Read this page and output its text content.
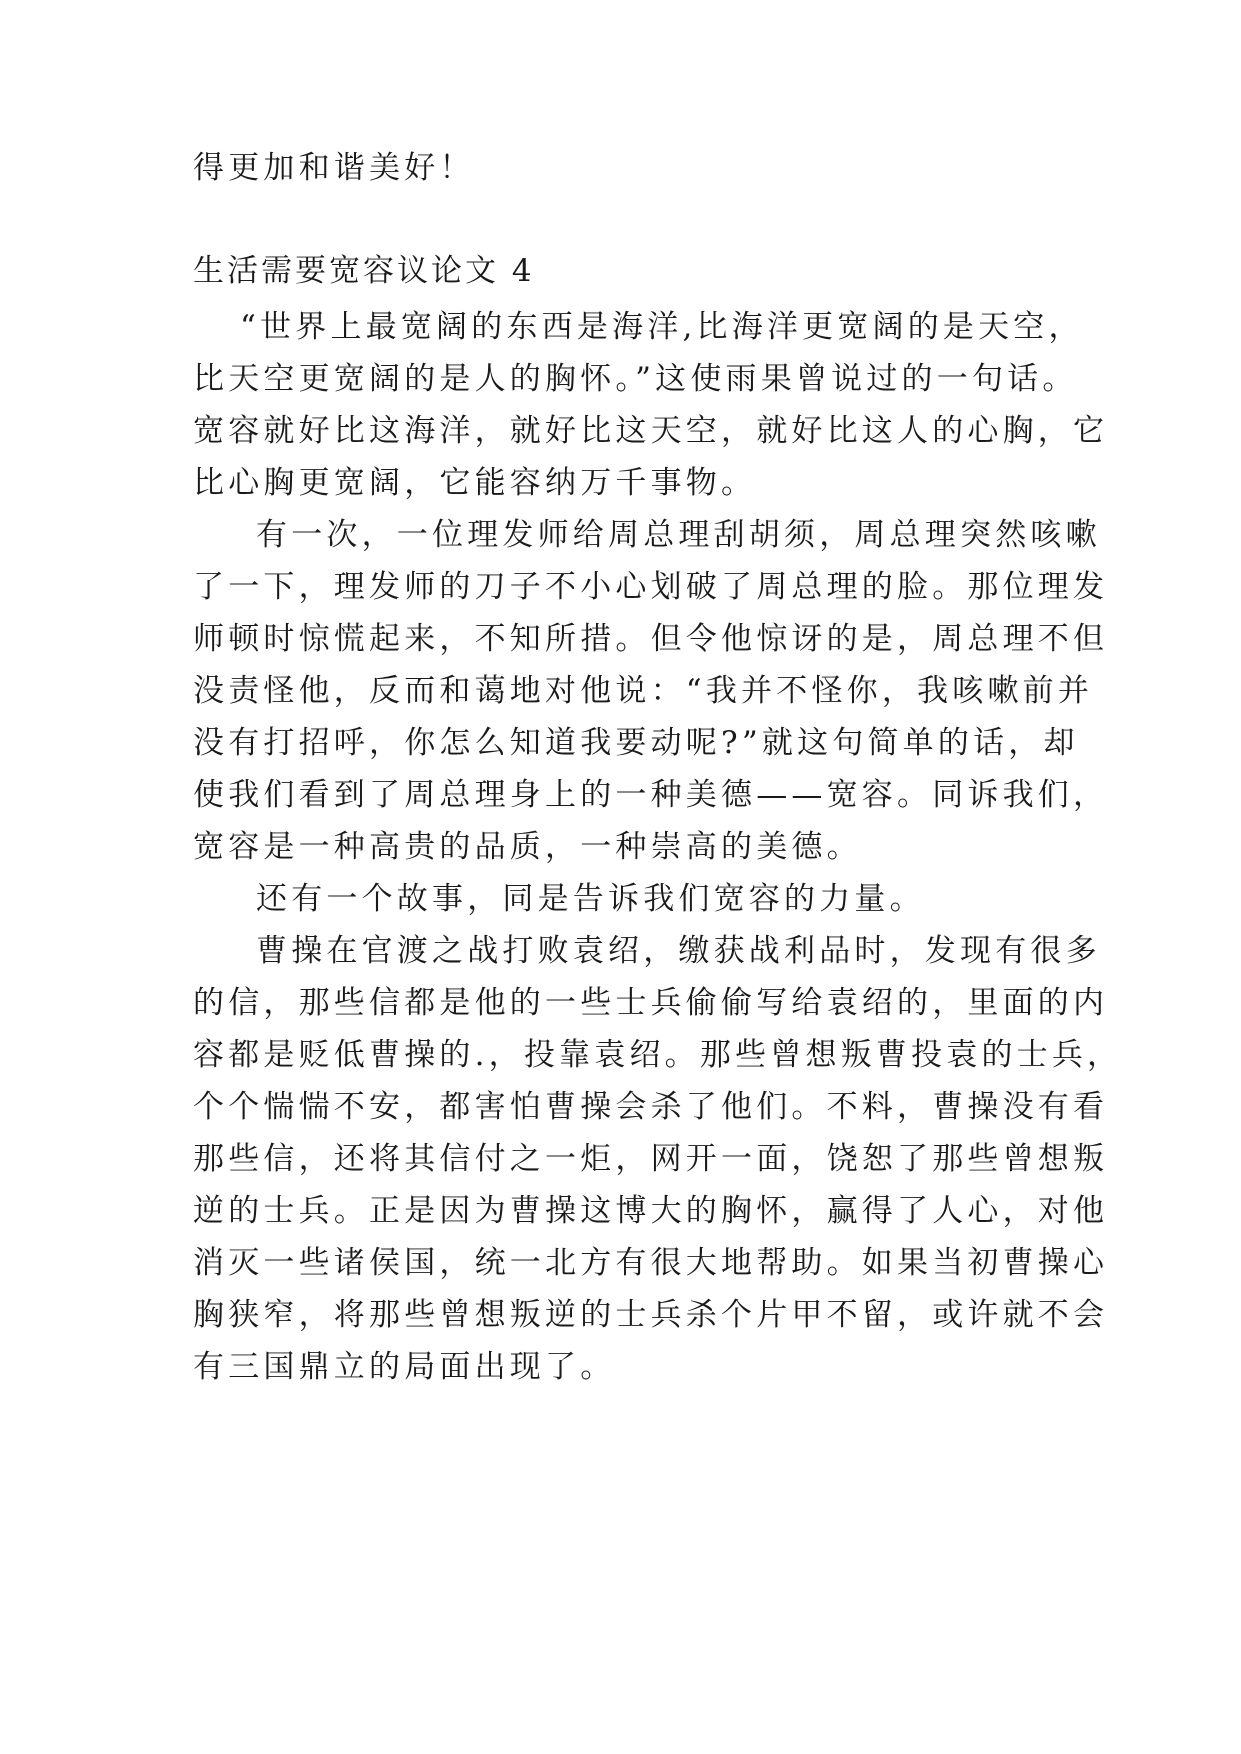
得更加和谐美好！
生活需要宽容议论文 4
“世界上最宽阔的东西是海洋,比海洋更宽阔的是天空，
比天空更宽阔的是人的胸怀。”这使雨果曾说过的一句话。
宽容就好比这海洋，就好比这天空，就好比这人的心胸，它
比心胸更宽阔，它能容纳万千事物。
有一次，一位理发师给周总理刮胡须，周总理突然咳嗽
了一下，理发师的刀子不小心划破了周总理的脸。那位理发
师顿时惊慌起来，不知所措。但令他惊讶的是，周总理不但
没责怪他，反而和蔼地对他说：“我并不怪你，我咳嗽前并
没有打招呼，你怎么知道我要动呢?”就这句简单的话，却
使我们看到了周总理身上的一种美德——宽容。同诉我们，
宽容是一种高贵的品质，一种崇高的美德。
还有一个故事，同是告诉我们宽容的力量。
曹操在官渡之战打败袁绍，缴获战利品时，发现有很多
的信，那些信都是他的一些士兵偷偷写给袁绍的，里面的内
容都是贬低曹操的.，投靠袁绍。那些曾想叛曹投袁的士兵，
个个惴惴不安，都害怕曹操会杀了他们。不料，曹操没有看
那些信，还将其信付之一炬，网开一面，饶恕了那些曾想叛
逆的士兵。正是因为曹操这博大的胸怀，赢得了人心，对他
消灭一些诸侯国，统一北方有很大地帮助。如果当初曹操心
胸狭窄，将那些曾想叛逆的士兵杀个片甲不留，或许就不会
有三国鼎立的局面出现了。
